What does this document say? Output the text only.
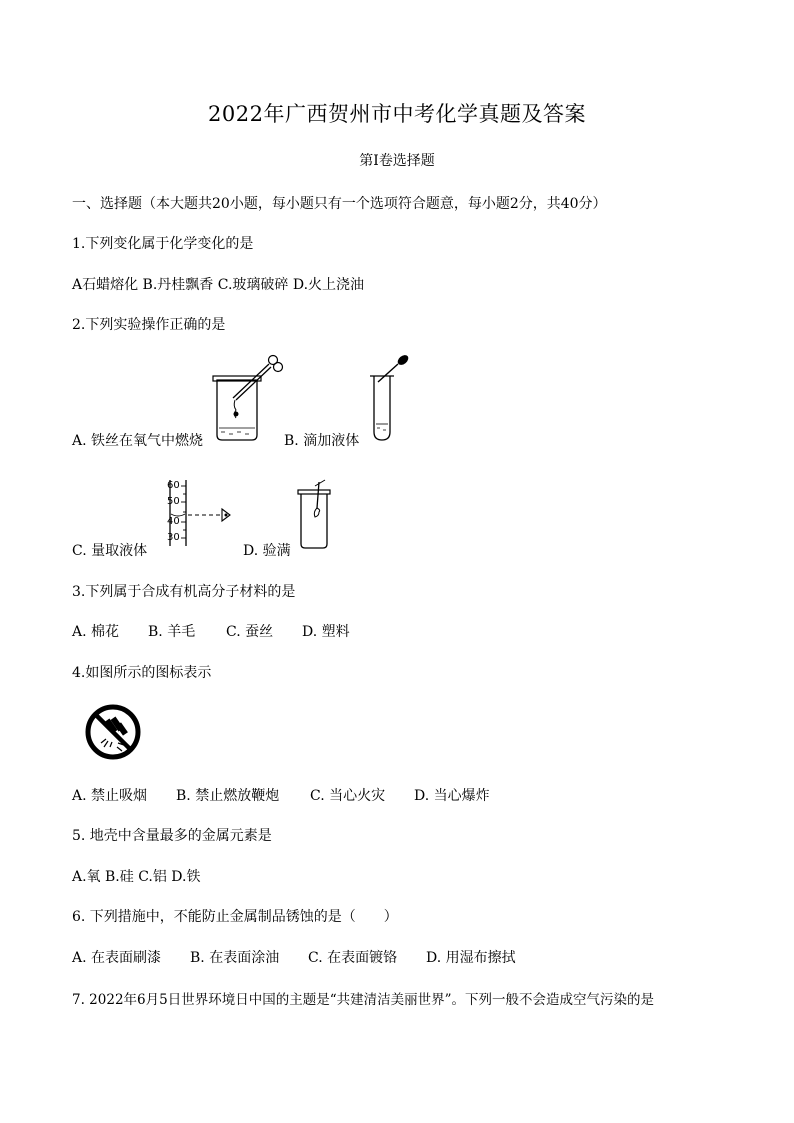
2022年广西贺州市中考化学真题及答案
第I卷选择题
一、选择题（本大题共20小题，每小题只有一个选项符合题意，每小题2分，共40分）
1.下列变化属于化学变化的是
A石蜡熔化 B.丹桂飘香 C.玻璃破碎 D.火上浇油
2.下列实验操作正确的是
A. 铁丝在氧气中燃烧	B. 滴加液体
60
50
40
30
C. 量取液体	D. 验满
3.下列属于合成有机高分子材料的是
A. 棉花 B. 羊毛 C. 蚕丝 D. 塑料
4.如图所示的图标表示
A. 禁止吸烟 B. 禁止燃放鞭炮 C. 当心火灾 D. 当心爆炸
5. 地壳中含量最多的金属元素是
A.氧 B.硅 C.铝 D.铁
6. 下列措施中，不能防止金属制品锈蚀的是（　　）
A. 在表面刷漆 B. 在表面涂油 C. 在表面镀铬 D. 用湿布擦拭
7. 2022年6月5日世界环境日中国的主题是“共建清洁美丽世界”。下列一般不会造成空气污染的是
